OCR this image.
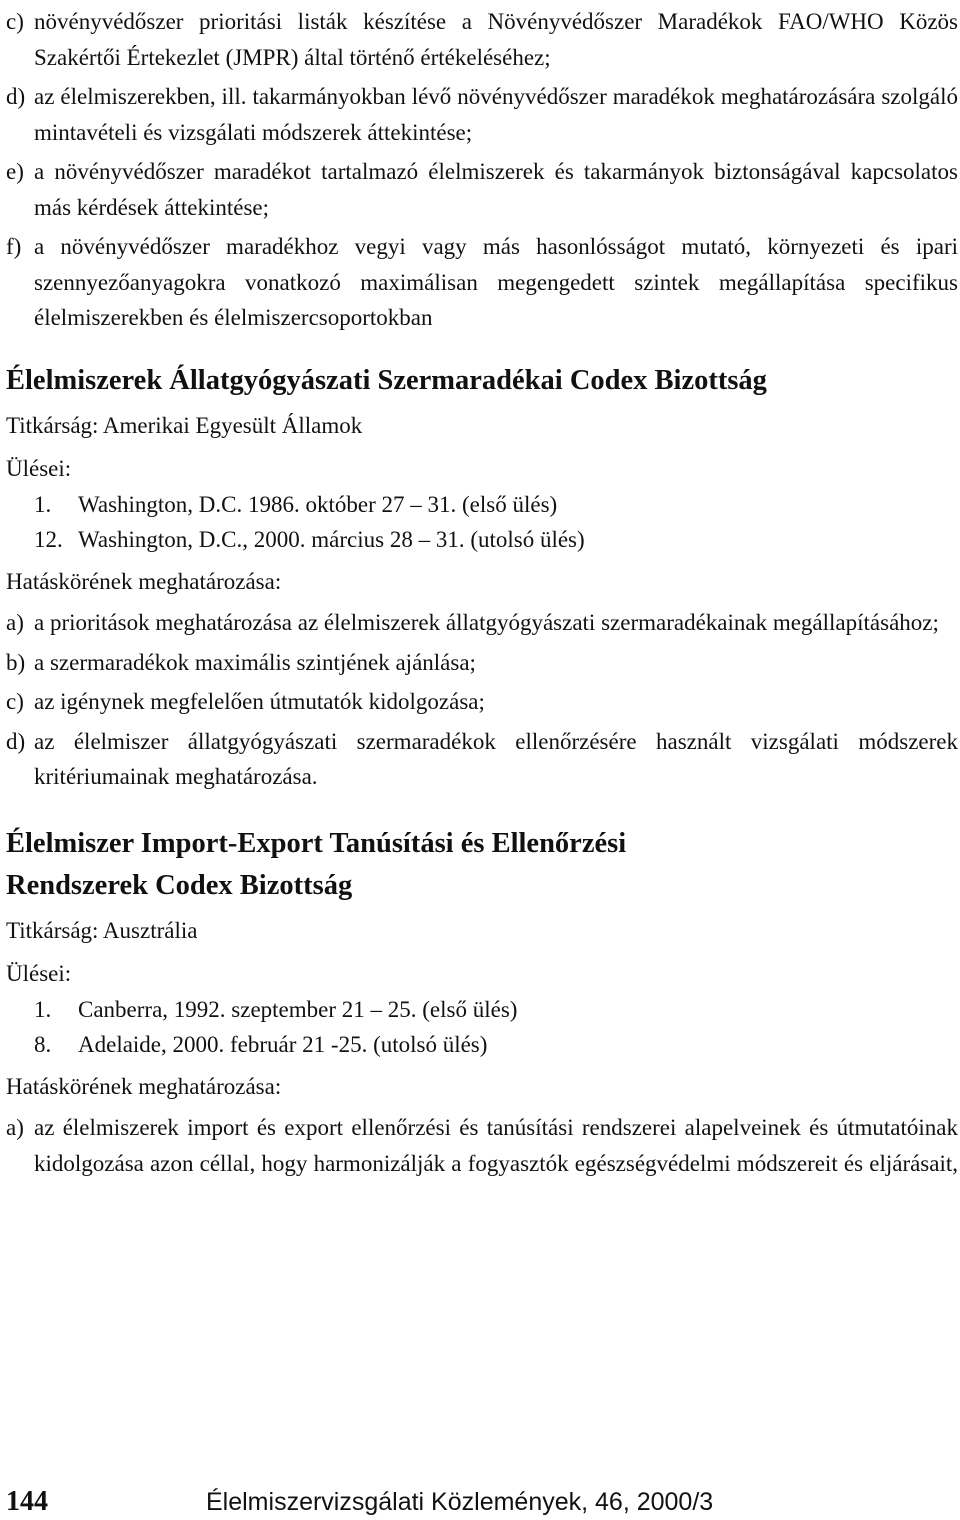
c) növényvédőszer prioritási listák készítése a Növényvédőszer Maradékok FAO/WHO Közös Szakértői Értekezlet (JMPR) által történő értékeléséhez;
d) az élelmiszerekben, ill. takarmányokban lévő növényvédőszer maradékok meghatározására szolgáló mintavételi és vizsgálati módszerek áttekintése;
e) a növényvédőszer maradékot tartalmazó élelmiszerek és takarmányok biztonságával kapcsolatos más kérdések áttekintése;
f) a növényvédőszer maradékhoz vegyi vagy más hasonlósságot mutató, környezeti és ipari szennyezőanyagokra vonatkozó maximálisan megengedett szintek megállapítása specifikus élelmiszerekben és élelmiszercsoportokban
Élelmiszerek Állatgyógyászati Szermaradékai Codex Bizottság
Titkárság: Amerikai Egyesült Államok
Ülései:
1. Washington, D.C. 1986. október 27 – 31. (első ülés)
12. Washington, D.C., 2000. március 28 – 31. (utolsó ülés)
Hatáskörének meghatározása:
a) a prioritások meghatározása az élelmiszerek állatgyógyászati szermaradékainak megállapításához;
b) a szermaradékok maximális szintjének ajánlása;
c) az igénynek megfelelően útmutatók kidolgozása;
d) az élelmiszer állatgyógyászati szermaradékok ellenőrzésére használt vizsgálati módszerek kritériumainak meghatározása.
Élelmiszer Import-Export Tanúsítási és Ellenőrzési
Rendszerek Codex Bizottság
Titkárság: Ausztrália
Ülései:
1. Canberra, 1992. szeptember 21 – 25. (első ülés)
8. Adelaide, 2000. február 21 -25. (utolsó ülés)
Hatáskörének meghatározása:
a) az élelmiszerek import és export ellenőrzési és tanúsítási rendszerei alapelveinek és útmutatóinak kidolgozása azon céllal, hogy harmonizálják a fogyasztók egészségvédelmi módszereit és eljárásait,
144	Élelmiszervizsgálati Közlemények, 46, 2000/3
